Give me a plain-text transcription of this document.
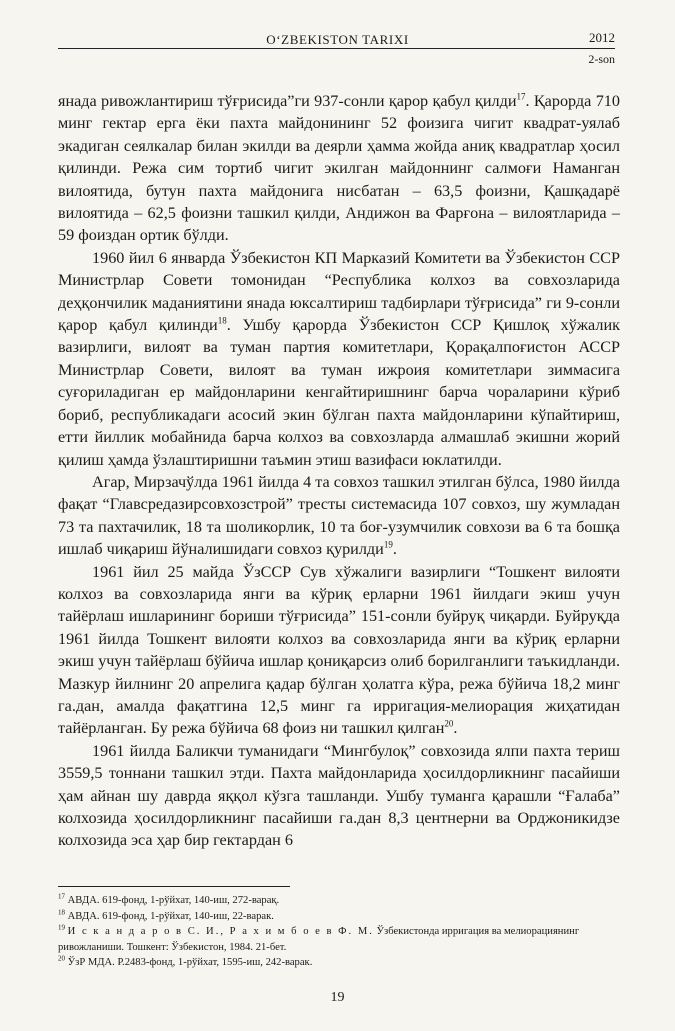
O‘ZBEKISTON TARIXI	2012
2-son

янада ривожлантириш тўғрисида”ги 937-сонли қарор қабул қилди$^{17}$. Қарорда 710 минг гектар ерга ёки пахта майдонининг 52 фоизига чигит квадрат-уялаб экадиган сеялкалар билан экилди ва деярли ҳамма жойда аниқ квадратлар ҳосил қилинди. Режа сим тортиб чигит экилган майдоннинг салмоғи Наманган вилоятида, бутун пахта майдонига нисбатан – 63,5 фоизни, Қашқадарё вилоятида – 62,5 фоизни ташкил қилди, Андижон ва Фарғона – вилоятларида – 59 фоиздан ортик бўлди.

1960 йил 6 январда Ўзбекистон КП Марказий Комитети ва Ўзбекистон ССР Министрлар Совети томонидан “Республика колхоз ва совхозларида деҳқончилик маданиятини янада юксалтириш тадбирлари тўғрисида” ги 9-сонли қарор қабул қилинди$^{18}$. Ушбу қарорда Ўзбекистон ССР Қишлоқ хўжалик вазирлиги, вилоят ва туман партия комитетлари, Қорақалпоғистон АССР Министрлар Совети, вилоят ва туман ижроия комитетлари зиммасига суғориладиган ер майдонларини кенгайтиришнинг барча чораларини кўриб бориб, республикадаги асосий экин бўлган пахта майдонларини кўпайтириш, етти йиллик мобайнида барча колхоз ва совхозларда алмашлаб экишни жорий қилиш ҳамда ўзлаштиришни таъмин этиш вазифаси юклатилди.

Агар, Мирзачўлда 1961 йилда 4 та совхоз ташкил этилган бўлса, 1980 йилда фақат “Главсредазирсовхозстрой” тресты системасида 107 совхоз, шу жумладан 73 та пахтачилик, 18 та шоликорлик, 10 та боғ-узумчилик совхози ва 6 та бошқа ишлаб чиқариш йўналишидаги совхоз қурилди$^{19}$.

1961 йил 25 майда ЎзССР Сув хўжалиги вазирлиги “Тошкент вилояти колхоз ва совхозларида янги ва кўриқ ерларни 1961 йилдаги экиш учун тайёрлаш ишларининг бориши тўғрисида” 151-сонли буйруқ чиқарди. Буйруқда 1961 йилда Тошкент вилояти колхоз ва совхозларида янги ва кўриқ ерларни экиш учун тайёрлаш бўйича ишлар қониқарсиз олиб борилганлиги таъкидланди. Мазкур йилнинг 20 апрелига қадар бўлган ҳолатга кўра, режа бўйича 18,2 минг га.дан, амалда фақатгина 12,5 минг га ирригация-мелиорация жиҳатидан тайёрланган. Бу режа бўйича 68 фоиз ни ташкил қилган$^{20}$.

1961 йилда Баликчи туманидаги “Мингбулоқ” совхозида ялпи пахта териш 3559,5 тоннани ташкил этди. Пахта майдонларида ҳосилдорликнинг пасайиши ҳам айнан шу даврда яққол кўзга ташланди. Ушбу туманга қарашли “Ғалаба” колхозида ҳосилдорликнинг пасайиши га.дан 8,3 центнерни ва Орджоникидзе колхозида эса ҳар бир гектардан 6

$^{17}$ АВДА. 619-фонд, 1-рўйхат, 140-иш, 272-варақ.

$^{18}$ АВДА. 619-фонд, 1-рўйхат, 140-иш, 22-варак.

$^{19}$ И с к а н д а р о в С. И., Р а х и м б о е в Ф. М. Ўзбекистонда ирригация ва мелиорациянинг ривожланиши. Тошкент: Ўзбекистон, 1984. 21-бет.

$^{20}$ ЎзР МДА. Р.2483-фонд, 1-рўйхат, 1595-иш, 242-варак.

19
